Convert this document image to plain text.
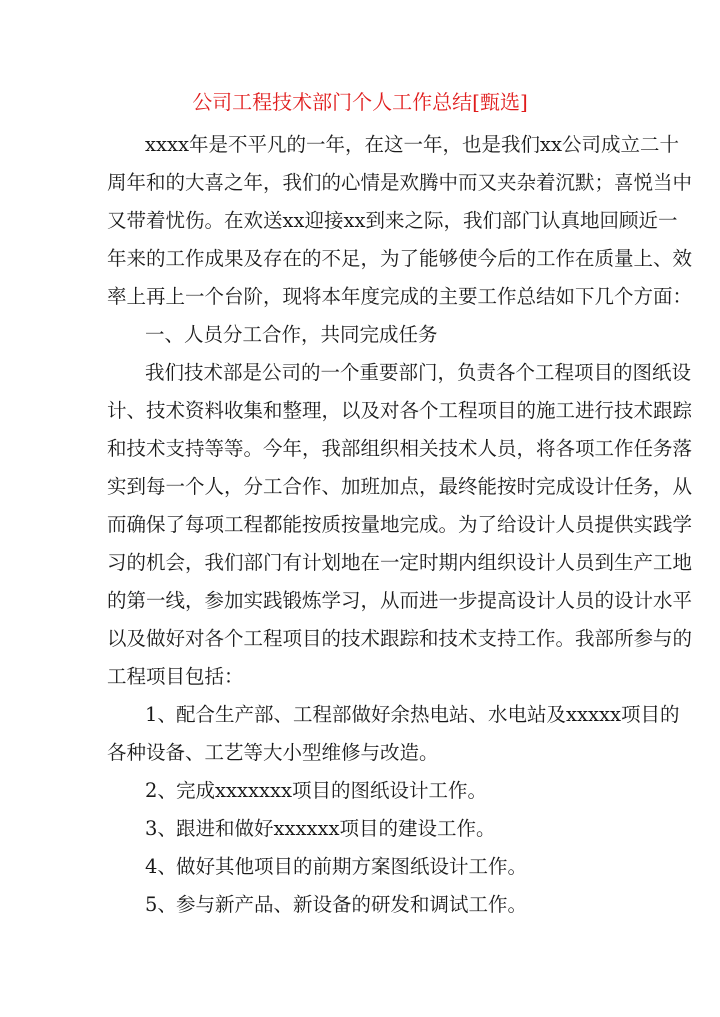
公司工程技术部门个人工作总结[甄选]
xxxx年是不平凡的一年，在这一年，也是我们xx公司成立二十
周年和的大喜之年，我们的心情是欢腾中而又夹杂着沉默；喜悦当中
又带着忧伤。在欢送xx迎接xx到来之际，我们部门认真地回顾近一
年来的工作成果及存在的不足，为了能够使今后的工作在质量上、效
率上再上一个台阶，现将本年度完成的主要工作总结如下几个方面：
一、人员分工合作，共同完成任务
我们技术部是公司的一个重要部门，负责各个工程项目的图纸设
计、技术资料收集和整理，以及对各个工程项目的施工进行技术跟踪
和技术支持等等。今年，我部组织相关技术人员，将各项工作任务落
实到每一个人，分工合作、加班加点，最终能按时完成设计任务，从
而确保了每项工程都能按质按量地完成。为了给设计人员提供实践学
习的机会，我们部门有计划地在一定时期内组织设计人员到生产工地
的第一线，参加实践锻炼学习，从而进一步提高设计人员的设计水平
以及做好对各个工程项目的技术跟踪和技术支持工作。我部所参与的
工程项目包括：
1、 配合生产部、工程部做好余热电站、水电站及xxxxx项目的
各种设备、工艺等大小型维修与改造。
2、 完成xxxxxxx项目的图纸设计工作。
3、 跟进和做好xxxxxx项目的建设工作。
4、 做好其他项目的前期方案图纸设计工作。
5、 参与新产品、新设备的研发和调试工作。
